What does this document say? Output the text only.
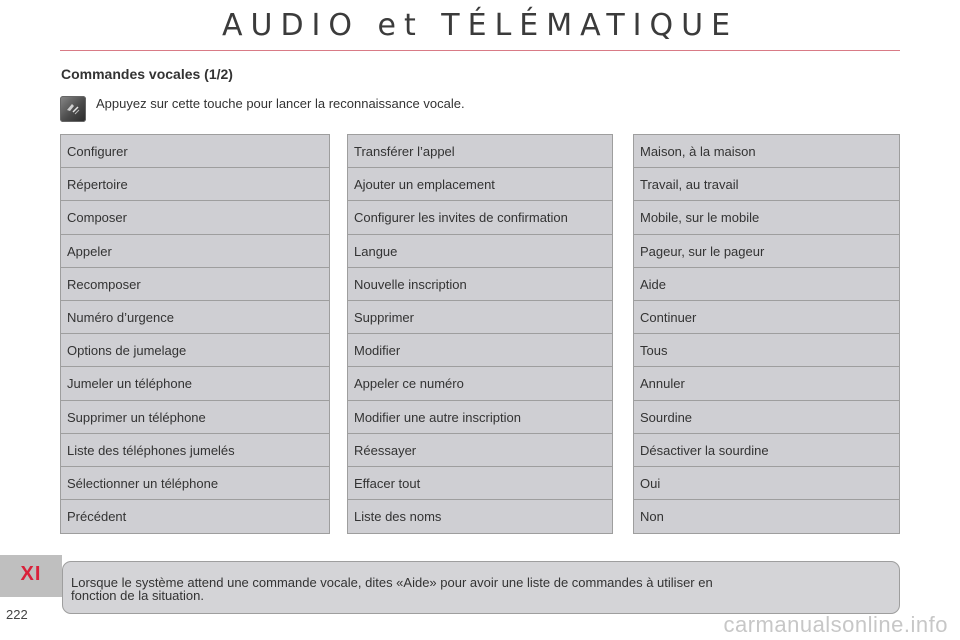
AUDIO et TÉLÉMATIQUE
Commandes vocales (1/2)
Appuyez sur cette touche pour lancer la reconnaissance vocale.
Configurer
Répertoire
Composer
Appeler
Recomposer
Numéro d’urgence
Options de jumelage
Jumeler un téléphone
Supprimer un téléphone
Liste des téléphones jumelés
Sélectionner un téléphone
Précédent
Transférer l’appel
Ajouter un emplacement
Configurer les invites de confirmation
Langue
Nouvelle inscription
Supprimer
Modifier
Appeler ce numéro
Modifier une autre inscription
Réessayer
Effacer tout
Liste des noms
Maison, à la maison
Travail, au travail
Mobile, sur le mobile
Pageur, sur le pageur
Aide
Continuer
Tous
Annuler
Sourdine
Désactiver la sourdine
Oui
Non
XI
222
Lorsque le système attend une commande vocale, dites «Aide» pour avoir une liste de commandes à utiliser en
fonction de la situation.
carmanualsonline.info
